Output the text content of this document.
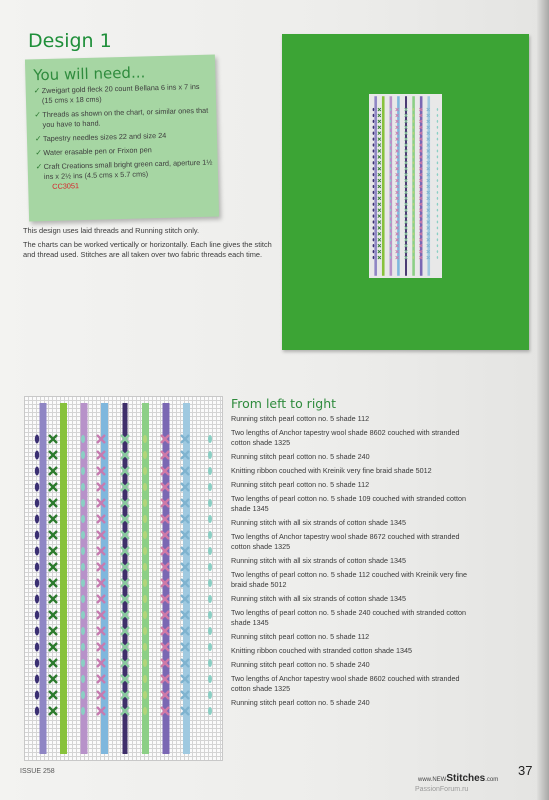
Design 1
You will need...
✓ Zweigart gold fleck 20 count Bellana 6 ins x 7 ins (15 cms x 18 cms)
✓ Threads as shown on the chart, or similar ones that you have to hand.
✓ Tapestry needles sizes 22 and size 24
✓ Water erasable pen or Frixon pen
✓ Craft Creations small bright green card, aperture 1½ ins x 2½ ins (4.5 cms x 5.7 cms)
CC3051

This design uses laid threads and Running stitch only.

The charts can be worked vertically or horizontally. Each line gives the stitch and thread used. Stitches are all taken over two fabric threads each time.

From left to right
Running stitch pearl cotton no. 5 shade 112
Two lengths of Anchor tapestry wool shade 8602 couched with stranded cotton shade 1325
Running stitch pearl cotton no. 5 shade 240
Knitting ribbon couched with Kreinik very fine braid shade 5012
Running stitch pearl cotton no. 5 shade 112
Two lengths of pearl cotton no. 5 shade 109 couched with stranded cotton shade 1345
Running stitch with all six strands of cotton shade 1345
Two lengths of Anchor tapestry wool shade 8672 couched with stranded cotton shade 1325
Running stitch with all six strands of cotton shade 1345
Two lengths of pearl cotton no. 5 shade 112 couched with Kreinik very fine braid shade 5012
Running stitch with all six strands of cotton shade 1345
Two lengths of pearl cotton no. 5 shade 240 couched with stranded cotton shade 1345
Running stitch pearl cotton no. 5 shade 112
Knitting ribbon couched with stranded cotton shade 1345
Running stitch pearl cotton no. 5 shade 240
Two lengths of Anchor tapestry wool shade 8602 couched with stranded cotton shade 1325
Running stitch pearl cotton no. 5 shade 240
ISSUE 258
www.NEWStitches.com
37
PassionForum.ru
